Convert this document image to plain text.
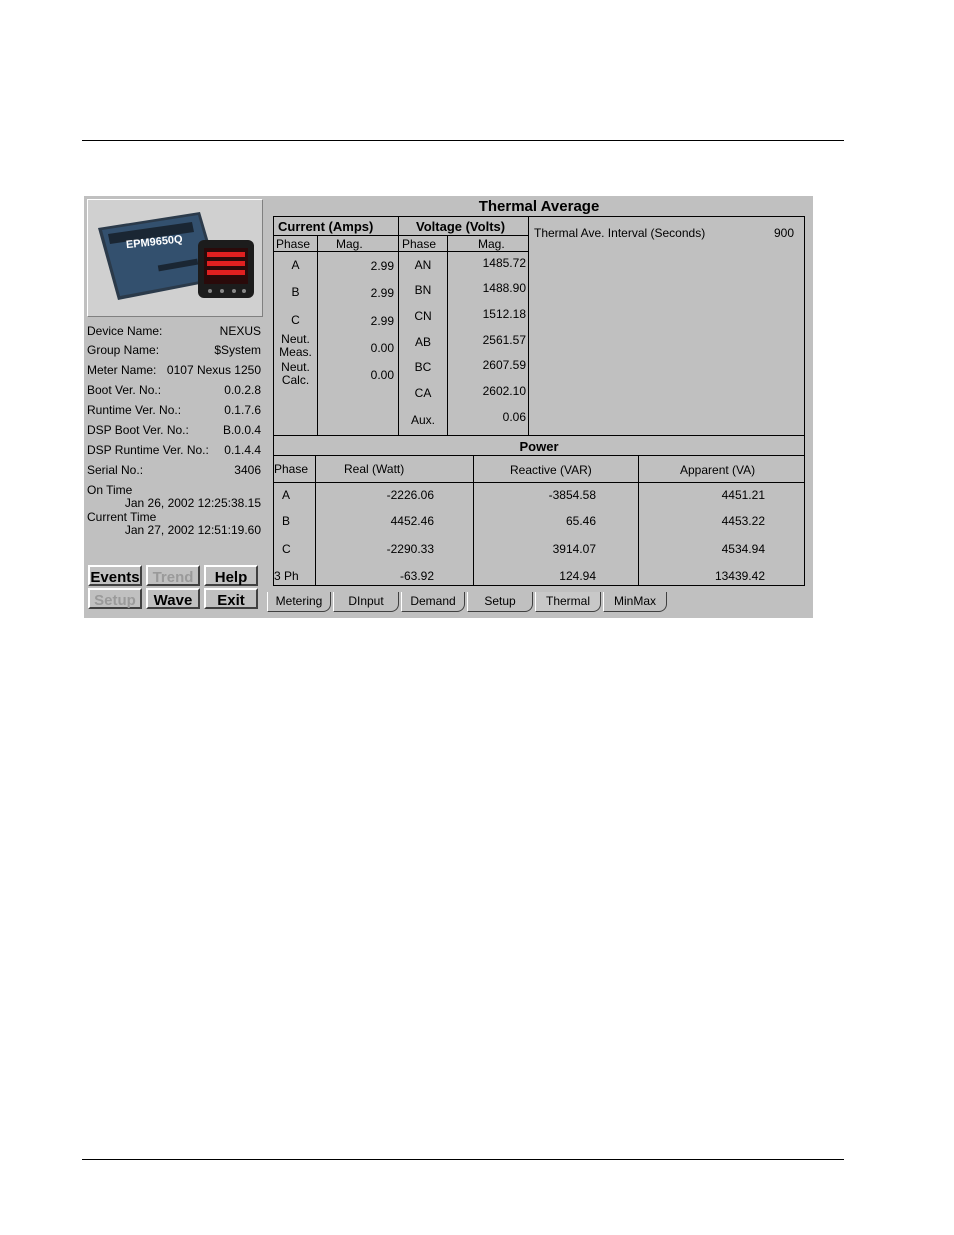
EPM9650Q
Device Name:	NEXUS
Group Name:	$System
Meter Name: 0107 Nexus 1250
Boot Ver. No.:	0.0.2.8
Runtime Ver. No.:	0.1.7.6
DSP Boot Ver. No.:	B.0.0.4
DSP Runtime Ver. No.: 0.1.4.4
Serial No.:	3406
On Time
Jan 26, 2002 12:25:38.15
Current Time
Jan 27, 2002 12:51:19.60
Events Trend	Help
Setup	Wave	Exit
Thermal Average
Current (Amps)
Phase Mag.
A	2.99
B	2.99
C	2.99
Neut. Meas.	0.00
Neut. Calc.	0.00
Voltage (Volts)
Phase	Mag.
AN	1485.72
BN	1488.90
CN	1512.18
AB	2561.57
BC	2607.59
CA	2602.10
Aux.	0.06
Thermal Ave. Interval (Seconds)	900
Power
Phase	Real (Watt)	Reactive (VAR)	Apparent (VA)
A	-2226.06	-3854.58	4451.21
B	4452.46	65.46	4453.22
C	-2290.33	3914.07	4534.94
3 Ph	-63.92	124.94	13439.42
Metering	DInput	Demand	Setup	Thermal	MinMax
